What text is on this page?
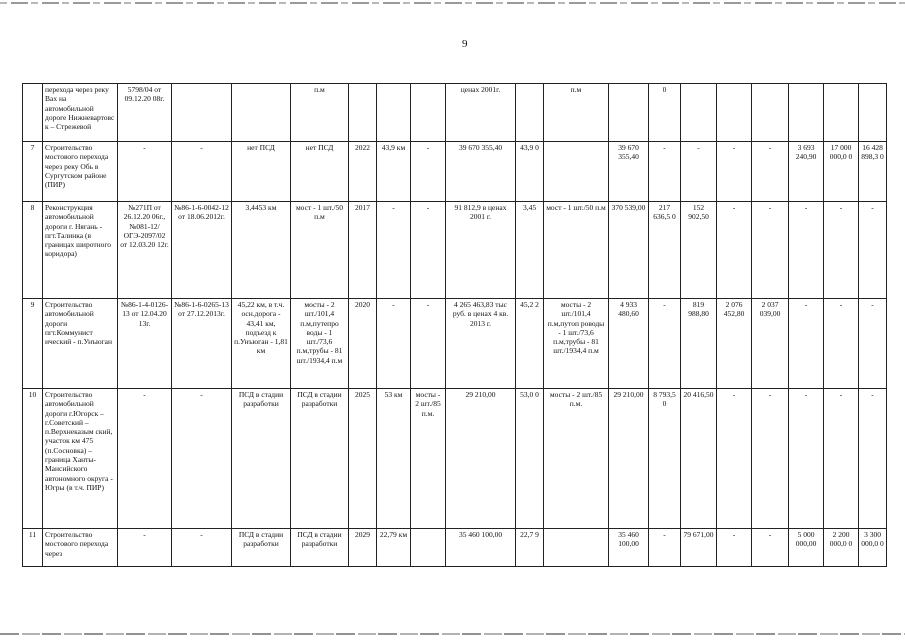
9
	перехода через реку Вах на автомобильной дороге Нижневартовс к – Стрежевой	5798/04 от 09.12.20 08г.			п.м				ценах 2001г.		п.м		0						
7	Строительство мостового перехода через реку Обь в Сургутском районе (ПИР)	-	-	нет ПСД	нет ПСД	2022	43,9 км	-	39 670 355,40	43,9 0		39 670 355,40	-	-	-	-	3 693 240,90	17 000 000,0 0	16 428 898,3 0
8	Реконструкция автомобильной дороги г. Нягань - пгт.Талинка (в границах широтного коридора)	№271П от 26.12.20 06г., №081-12/ОГЭ-2097/02 от 12.03.20 12г.	№86-1-6-0042-12 от 18.06.2012г.	3,4453 км	мост - 1 шт./50 п.м	2017	-	-	91 812,9 в ценах 2001 г.	3,45	мост - 1 шт./50 п.м	370 539,00	217 636,5 0	152 902,50	-	-	-	-	-
9	Строительство автомобильной дороги пгт.Коммунист ический - п.Унъюган	№86-1-4-0126-13 от 12.04.20 13г.	№86-1-6-0265-13 от 27.12.2013г.	45,22 км, в т.ч. осн.дорога - 43,41 км, подъезд к п.Унъюган - 1,81 км	мосты - 2 шт./101,4 п.м,путепро воды - 1 шт./73,6 п.м,трубы - 81 шт./1934,4 п.м	2020	-	-	4 265 463,83 тыс руб. в ценах 4 кв. 2013 г.	45,2 2	мосты - 2 шт./101,4 п.м,путоп роводы - 1 шт./73,6 п.м,трубы - 81 шт./1934,4 п.м	4 933 480,60	-	819 988,80	2 076 452,80	2 037 039,00	-	-	-
10	Строительство автомобильной дороги г.Югорск – г.Советский – п.Верхнеказым ский, участок км 475 (п.Сосновка) – граница Ханты-Мансийского автономного округа - Югры (в т.ч. ПИР)	-	-	ПСД в стадии разработки	ПСД в стадии разработки	2025	53 км	мосты - 2 шт./85 п.м.	29 210,00	53,0 0	мосты - 2 шт./85 п.м.	29 210,00	8 793,5 0	20 416,50	-	-	-	-	-
11	Строительство мостового перехода через	-	-	ПСД в стадии разработки	ПСД в стадии разработки	2029	22,79 км		35 460 100,00	22,7 9		35 460 100,00	-	79 671,00	-	-	5 000 000,00	2 200 000,0 0	3 300 000,0 0
